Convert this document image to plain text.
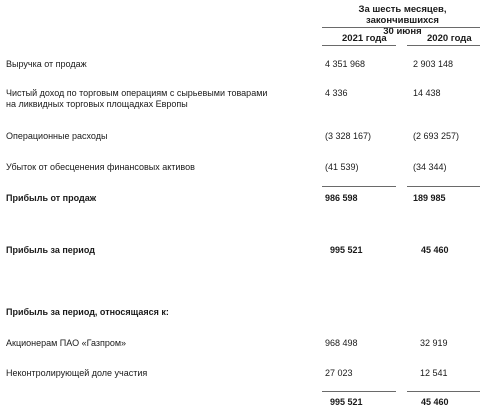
За шесть месяцев, закончившихся
30 июня
2021 года	2020 года
Выручка от продаж	4 351 968	2 903 148
Чистый доход по торговым операциям с сырьевыми товарами
на ликвидных торговых площадках Европы
4 336	14 438
Операционные расходы	(3 328 167)	(2 693 257)
Убыток от обесценения финансовых активов	(41 539)	(34 344)
Прибыль от продаж	986 598	189 985
Прибыль за период	995 521	45 460
Прибыль за период, относящаяся к:
Акционерам ПАО «Газпром»	968 498	32 919
Неконтролирующей доле участия	27 023	12 541
995 521	45 460
